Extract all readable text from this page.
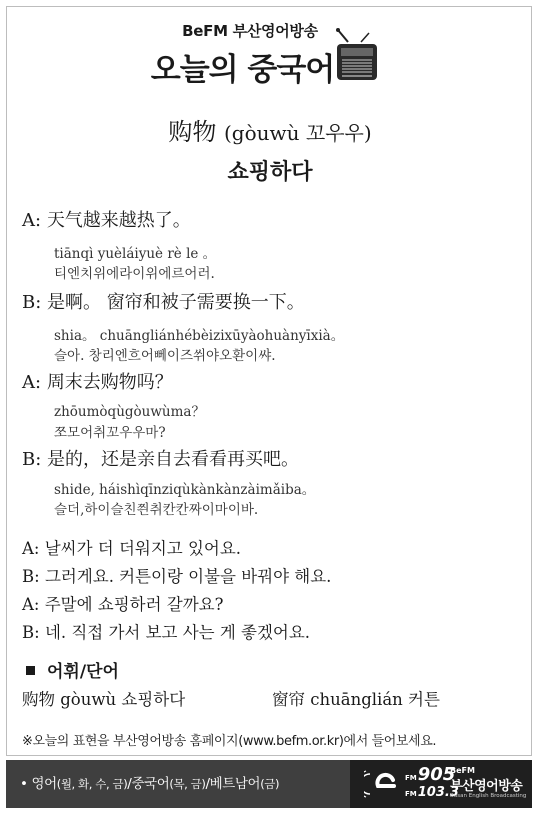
BeFM 부산영어방송
오늘의 중국어
购物 (gòuwù 꼬우우)
쇼핑하다
A: 天气越来越热了。
tiānqì yuèláiyuè rè le 。
티엔치위에라이위에르어러.
B: 是啊。 窗帘和被子需要换一下。
shia。 chuāngliánhébèizixūyàohuànyīxià。
슬아. 창리엔흐어뻬이즈쒸야오환이쌰.
A: 周末去购物吗？
zhōumòqùgòuwùma？
쪼모어취꼬우우마?
B: 是的，还是亲自去看看再买吧。
shide, háishìqīnziqùkànkànzàimǎiba。
슬더,하이슬친쯴취칸칸짜이마이바.
A: 날씨가 더 더워지고 있어요.
B: 그러게요. 커튼이랑 이불을 바꿔야 해요.
A: 주말에 쇼핑하러 갈까요?
B: 네. 직접 가서 보고 사는 게 좋겠어요.
어휘/단어
购物 gòuwù 쇼핑하다	窗帘 chuānglián 커튼
※오늘의 표현을 부산영어방송 홈페이지(www.befm.or.kr)에서 들어보세요.
• 영어(월, 화, 수, 금)/중국어(목, 금)/베트남어(금)	FM905
FM103.3
BeFM
부산영어방송
Busan English Broadcasting
